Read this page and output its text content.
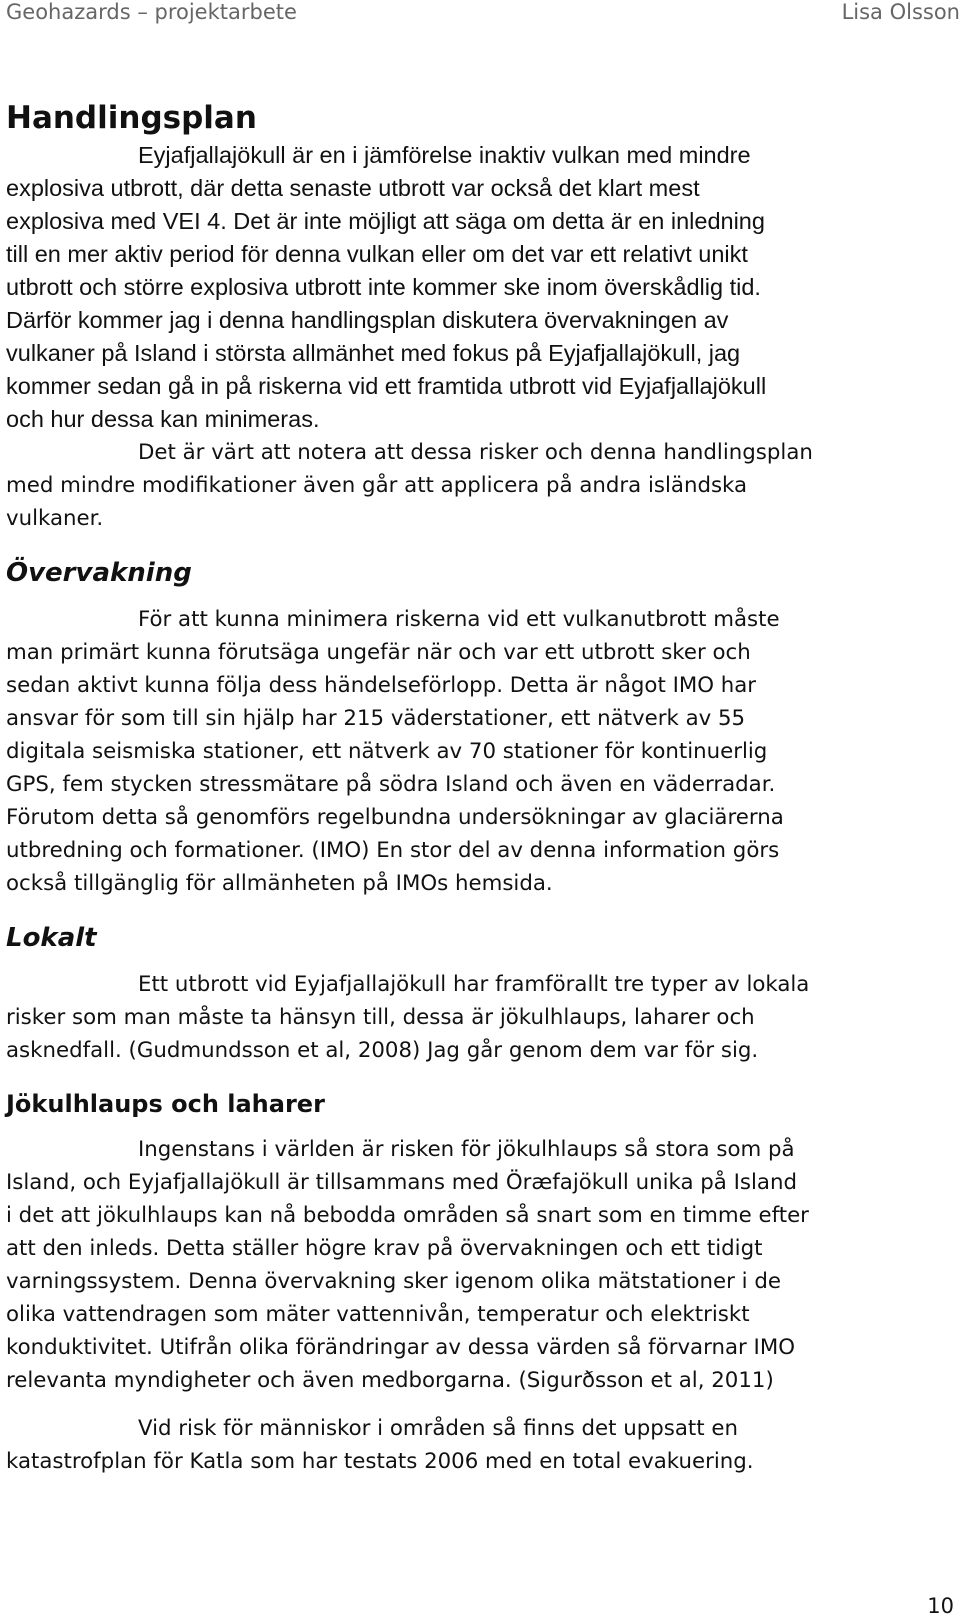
Geohazards – projektarbete	Lisa Olsson
Handlingsplan

Eyjafjallajökull är en i jämförelse inaktiv vulkan med mindre
explosiva utbrott, där detta senaste utbrott var också det klart mest
explosiva med VEI 4. Det är inte möjligt att säga om detta är en inledning
till en mer aktiv period för denna vulkan eller om det var ett relativt unikt
utbrott och större explosiva utbrott inte kommer ske inom överskådlig tid.
Därför kommer jag i denna handlingsplan diskutera övervakningen av
vulkaner på Island i största allmänhet med fokus på Eyjafjallajökull, jag
kommer sedan gå in på riskerna vid ett framtida utbrott vid Eyjafjallajökull
och hur dessa kan minimeras.

Det är värt att notera att dessa risker och denna handlingsplan
med mindre modifikationer även går att applicera på andra isländska
vulkaner.

Övervakning

För att kunna minimera riskerna vid ett vulkanutbrott måste
man primärt kunna förutsäga ungefär när och var ett utbrott sker och
sedan aktivt kunna följa dess händelseförlopp. Detta är något IMO har
ansvar för som till sin hjälp har 215 väderstationer, ett nätverk av 55
digitala seismiska stationer, ett nätverk av 70 stationer för kontinuerlig
GPS, fem stycken stressmätare på södra Island och även en väderradar.
Förutom detta så genomförs regelbundna undersökningar av glaciärerna
utbredning och formationer. (IMO) En stor del av denna information görs
också tillgänglig för allmänheten på IMOs hemsida.

Lokalt

Ett utbrott vid Eyjafjallajökull har framförallt tre typer av lokala
risker som man måste ta hänsyn till, dessa är jökulhlaups, laharer och
asknedfall. (Gudmundsson et al, 2008) Jag går genom dem var för sig.

Jökulhlaups och laharer

Ingenstans i världen är risken för jökulhlaups så stora som på
Island, och Eyjafjallajökull är tillsammans med Öræfajökull unika på Island
i det att jökulhlaups kan nå bebodda områden så snart som en timme efter
att den inleds. Detta ställer högre krav på övervakningen och ett tidigt
varningssystem. Denna övervakning sker igenom olika mätstationer i de
olika vattendragen som mäter vattennivån, temperatur och elektriskt
konduktivitet. Utifrån olika förändringar av dessa värden så förvarnar IMO
relevanta myndigheter och även medborgarna. (Sigurðsson et al, 2011)

Vid risk för människor i områden så finns det uppsatt en
katastrofplan för Katla som har testats 2006 med en total evakuering.

10
